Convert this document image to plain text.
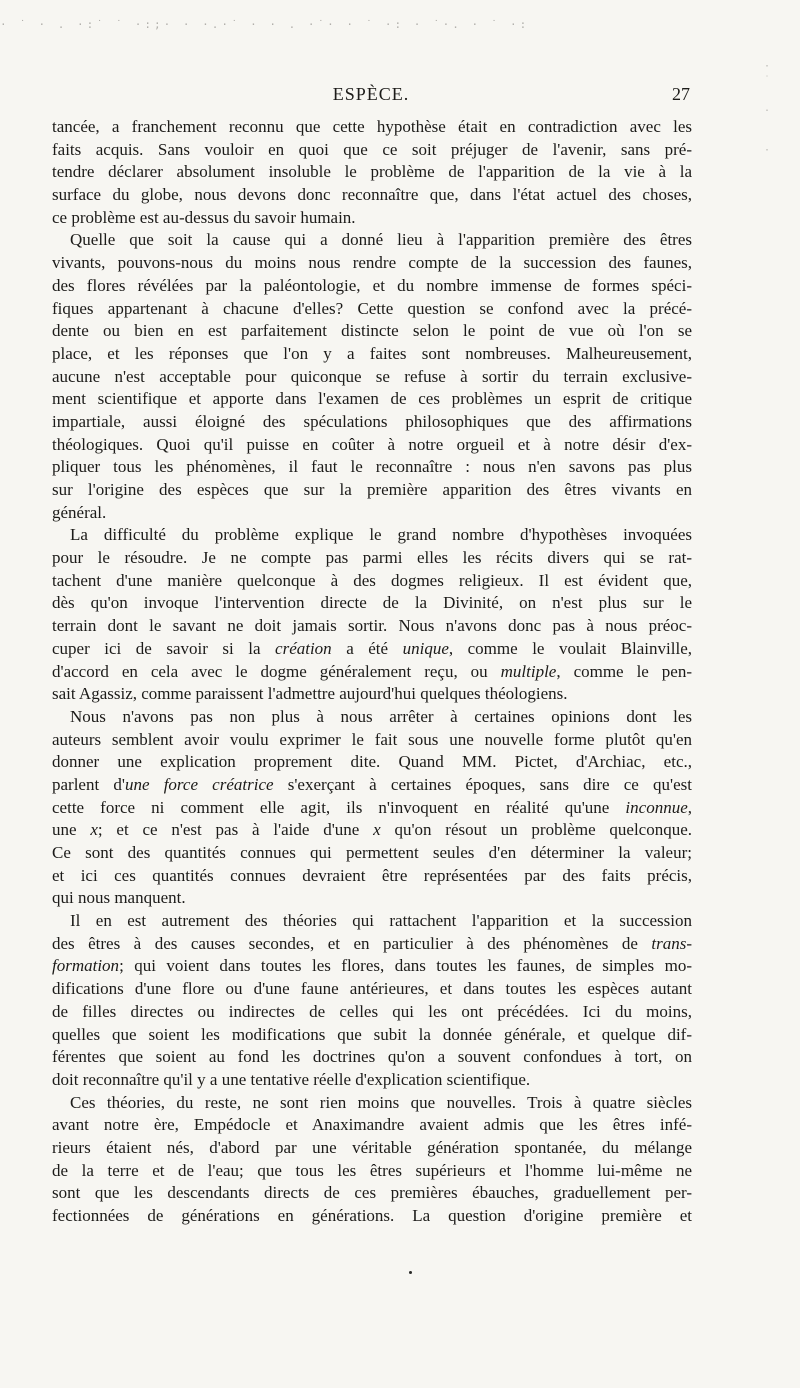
· ˙ · . ·:˙ ˙ ·:;· · ·.·˙ · · . ·˙· · ˙ ·: · ˙·. · ˙ ·:
·
˙

.

·

ESPÈCE.	27
tancée, a franchement reconnu que cette hypothèse était en contradiction avec les
faits acquis. Sans vouloir en quoi que ce soit préjuger de l'avenir, sans pré-
tendre déclarer absolument insoluble le problème de l'apparition de la vie à la
surface du globe, nous devons donc reconnaître que, dans l'état actuel des choses,
ce problème est au-dessus du savoir humain.
Quelle que soit la cause qui a donné lieu à l'apparition première des êtres
vivants, pouvons-nous du moins nous rendre compte de la succession des faunes,
des flores révélées par la paléontologie, et du nombre immense de formes spéci-
fiques appartenant à chacune d'elles? Cette question se confond avec la précé-
dente ou bien en est parfaitement distincte selon le point de vue où l'on se
place, et les réponses que l'on y a faites sont nombreuses. Malheureusement,
aucune n'est acceptable pour quiconque se refuse à sortir du terrain exclusive-
ment scientifique et apporte dans l'examen de ces problèmes un esprit de critique
impartiale, aussi éloigné des spéculations philosophiques que des affirmations
théologiques. Quoi qu'il puisse en coûter à notre orgueil et à notre désir d'ex-
pliquer tous les phénomènes, il faut le reconnaître : nous n'en savons pas plus
sur l'origine des espèces que sur la première apparition des êtres vivants en
général.
La difficulté du problème explique le grand nombre d'hypothèses invoquées
pour le résoudre. Je ne compte pas parmi elles les récits divers qui se rat-
tachent d'une manière quelconque à des dogmes religieux. Il est évident que,
dès qu'on invoque l'intervention directe de la Divinité, on n'est plus sur le
terrain dont le savant ne doit jamais sortir. Nous n'avons donc pas à nous préoc-
cuper ici de savoir si la création a été unique, comme le voulait Blainville,
d'accord en cela avec le dogme généralement reçu, ou multiple, comme le pen-
sait Agassiz, comme paraissent l'admettre aujourd'hui quelques théologiens.
Nous n'avons pas non plus à nous arrêter à certaines opinions dont les
auteurs semblent avoir voulu exprimer le fait sous une nouvelle forme plutôt qu'en
donner une explication proprement dite. Quand MM. Pictet, d'Archiac, etc.,
parlent d'une force créatrice s'exerçant à certaines époques, sans dire ce qu'est
cette force ni comment elle agit, ils n'invoquent en réalité qu'une inconnue,
une x; et ce n'est pas à l'aide d'une x qu'on résout un problème quelconque.
Ce sont des quantités connues qui permettent seules d'en déterminer la valeur;
et ici ces quantités connues devraient être représentées par des faits précis,
qui nous manquent.
Il en est autrement des théories qui rattachent l'apparition et la succession
des êtres à des causes secondes, et en particulier à des phénomènes de trans-
formation; qui voient dans toutes les flores, dans toutes les faunes, de simples mo-
difications d'une flore ou d'une faune antérieures, et dans toutes les espèces autant
de filles directes ou indirectes de celles qui les ont précédées. Ici du moins,
quelles que soient les modifications que subit la donnée générale, et quelque dif-
férentes que soient au fond les doctrines qu'on a souvent confondues à tort, on
doit reconnaître qu'il y a une tentative réelle d'explication scientifique.
Ces théories, du reste, ne sont rien moins que nouvelles. Trois à quatre siècles
avant notre ère, Empédocle et Anaximandre avaient admis que les êtres infé-
rieurs étaient nés, d'abord par une véritable génération spontanée, du mélange
de la terre et de l'eau; que tous les êtres supérieurs et l'homme lui-même ne
sont que les descendants directs de ces premières ébauches, graduellement per-
fectionnées de générations en générations. La question d'origine première et
